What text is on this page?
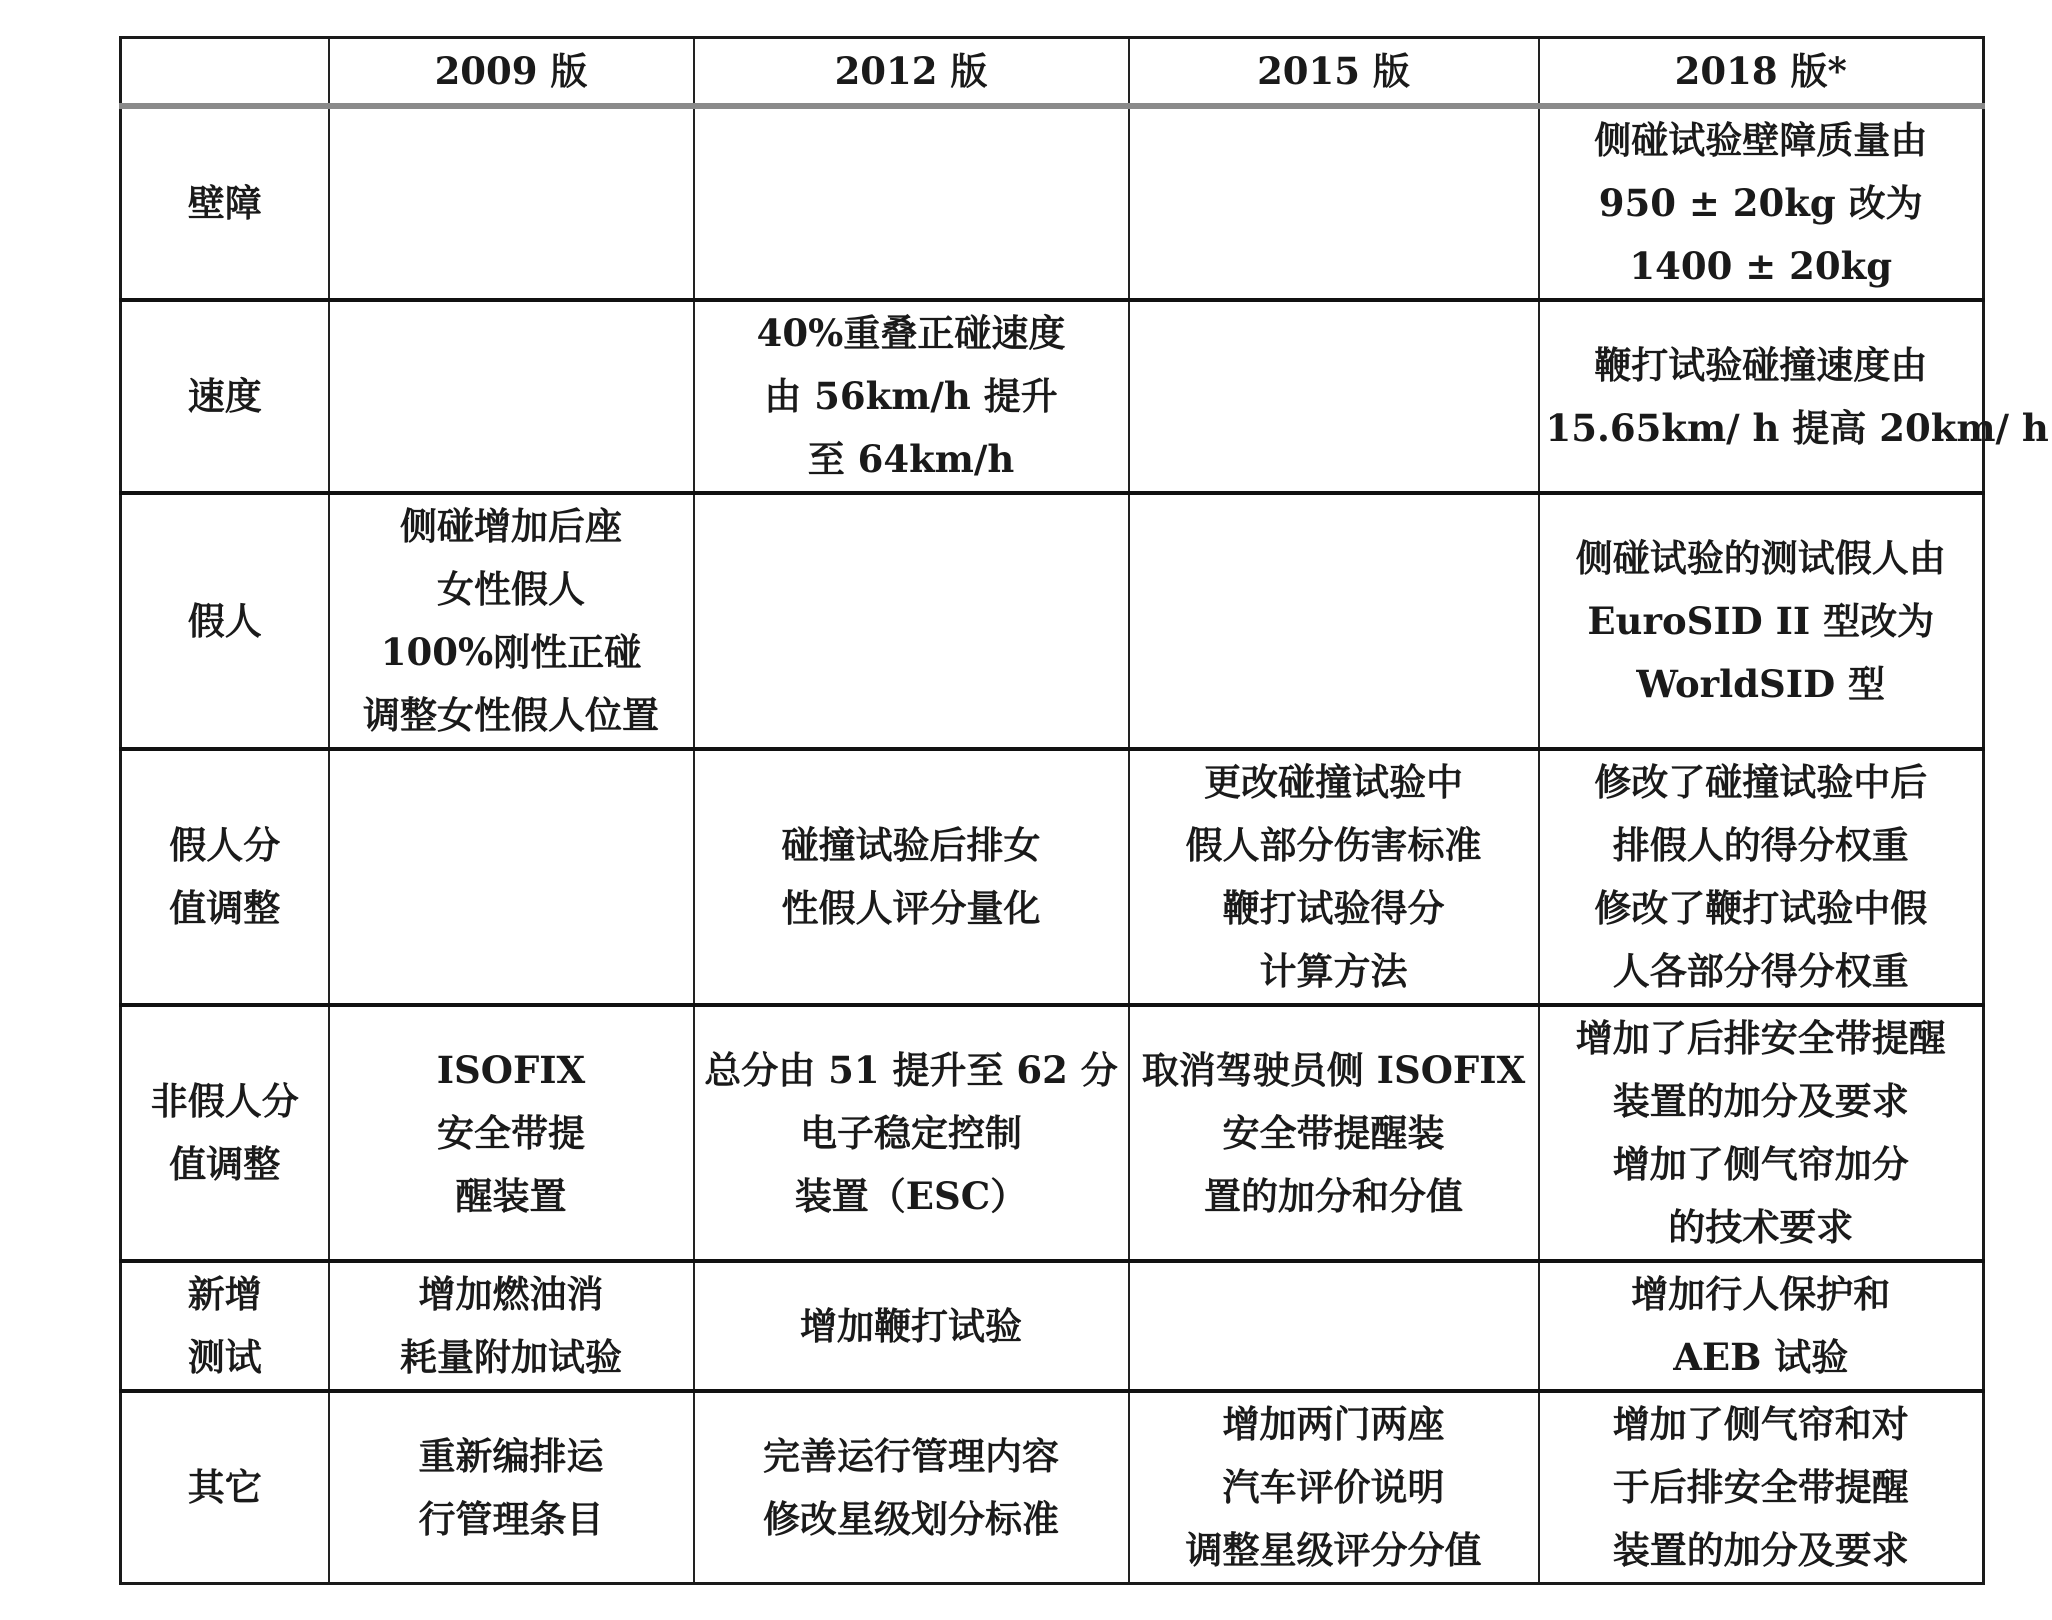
	2009 版	2012 版	2015 版	2018 版*

壁障				侧碰试验壁障质量由
950 ± 20kg 改为
1400 ± 20kg

速度		40%重叠正碰速度
由 56km/h 提升
至 64km/h		鞭打试验碰撞速度由
15.65km/ h 提高 20km/ h

假人	侧碰增加后座
女性假人
100%刚性正碰
调整女性假人位置			侧碰试验的测试假人由
EuroSID II 型改为
WorldSID 型

假人分
值调整		碰撞试验后排女
性假人评分量化	更改碰撞试验中
假人部分伤害标准
鞭打试验得分
计算方法	修改了碰撞试验中后
排假人的得分权重
修改了鞭打试验中假
人各部分得分权重

非假人分
值调整	ISOFIX
安全带提
醒装置	总分由 51 提升至 62 分
电子稳定控制
装置（ESC）	取消驾驶员侧 ISOFIX
安全带提醒装
置的加分和分值	增加了后排安全带提醒
装置的加分及要求
增加了侧气帘加分
的技术要求

新增
测试	增加燃油消
耗量附加试验	增加鞭打试验		增加行人保护和
AEB 试验

其它	重新编排运
行管理条目	完善运行管理内容
修改星级划分标准	增加两门两座
汽车评价说明
调整星级评分分值	增加了侧气帘和对
于后排安全带提醒
装置的加分及要求
